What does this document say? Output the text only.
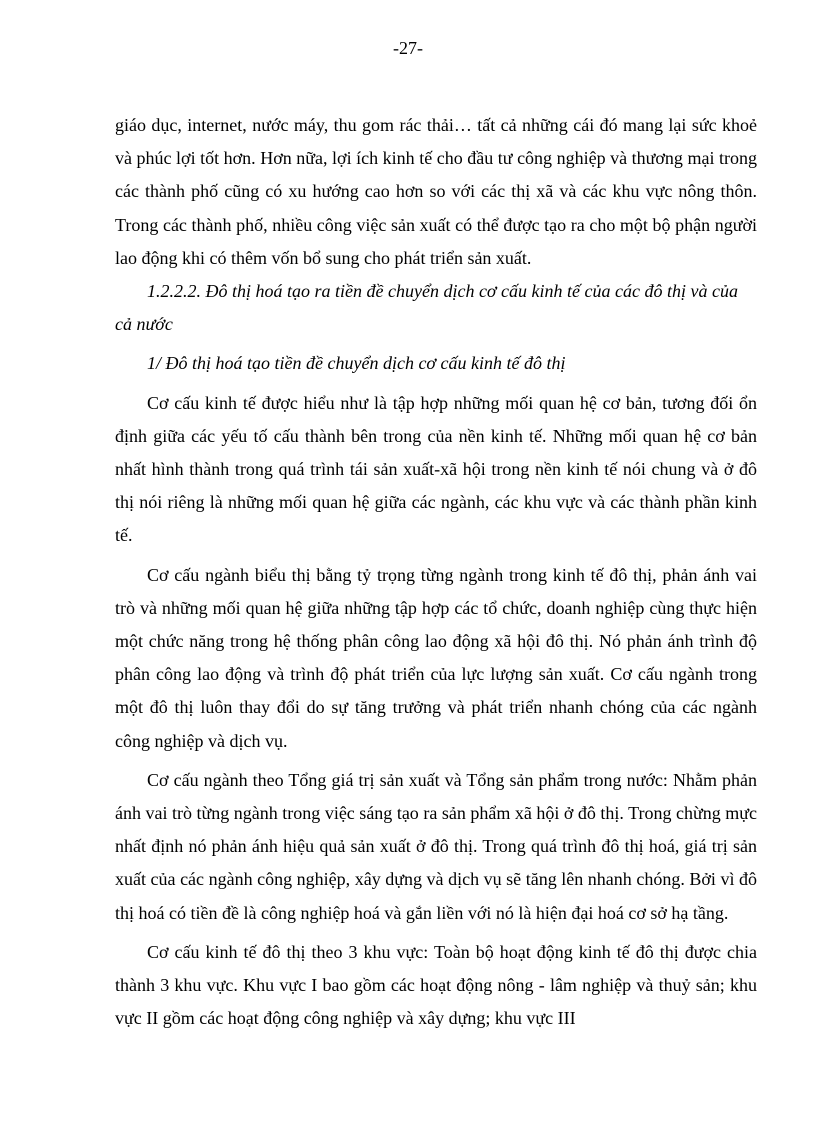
-27-

giáo dục, internet, nước máy, thu gom rác thải… tất cả những cái đó mang lại sức khoẻ và phúc lợi tốt hơn. Hơn nữa, lợi ích kinh tế cho đầu tư công nghiệp và thương mại trong các thành phố cũng có xu hướng cao hơn so với các thị xã và các khu vực nông thôn. Trong các thành phố, nhiều công việc sản xuất có thể được tạo ra cho một bộ phận người lao động khi có thêm vốn bổ sung cho phát triển sản xuất.

1.2.2.2. Đô thị hoá tạo ra tiền đề chuyển dịch cơ cấu kinh tế của các đô thị và của cả nước

1/ Đô thị hoá tạo tiền đề chuyển dịch cơ cấu kinh tế đô thị

Cơ cấu kinh tế được hiểu như là tập hợp những mối quan hệ cơ bản, tương đối ổn định giữa các yếu tố cấu thành bên trong của nền kinh tế. Những mối quan hệ cơ bản nhất hình thành trong quá trình tái sản xuất-xã hội trong nền kinh tế nói chung và ở đô thị nói riêng là những mối quan hệ giữa các ngành, các khu vực và các thành phần kinh tế.

Cơ cấu ngành biểu thị bằng tỷ trọng từng ngành trong kinh tế đô thị, phản ánh vai trò và những mối quan hệ giữa những tập hợp các tổ chức, doanh nghiệp cùng thực hiện một chức năng trong hệ thống phân công lao động xã hội đô thị. Nó phản ánh trình độ phân công lao động và trình độ phát triển của lực lượng sản xuất. Cơ cấu ngành trong một đô thị luôn thay đổi do sự tăng trưởng và phát triển nhanh chóng của các ngành công nghiệp và dịch vụ.

Cơ cấu ngành theo Tổng giá trị sản xuất và Tổng sản phẩm trong nước: Nhằm phản ánh vai trò từng ngành trong việc sáng tạo ra sản phẩm xã hội ở đô thị. Trong chừng mực nhất định nó phản ánh hiệu quả sản xuất ở đô thị. Trong quá trình đô thị hoá, giá trị sản xuất của các ngành công nghiệp, xây dựng và dịch vụ sẽ tăng lên nhanh chóng. Bởi vì đô thị hoá có tiền đề là công nghiệp hoá và gắn liền với nó là hiện đại hoá cơ sở hạ tầng.

Cơ cấu kinh tế đô thị theo 3 khu vực: Toàn bộ hoạt động kinh tế đô thị được chia thành 3 khu vực. Khu vực I bao gồm các hoạt động nông - lâm nghiệp và thuỷ sản; khu vực II gồm các hoạt động công nghiệp và xây dựng; khu vực III
